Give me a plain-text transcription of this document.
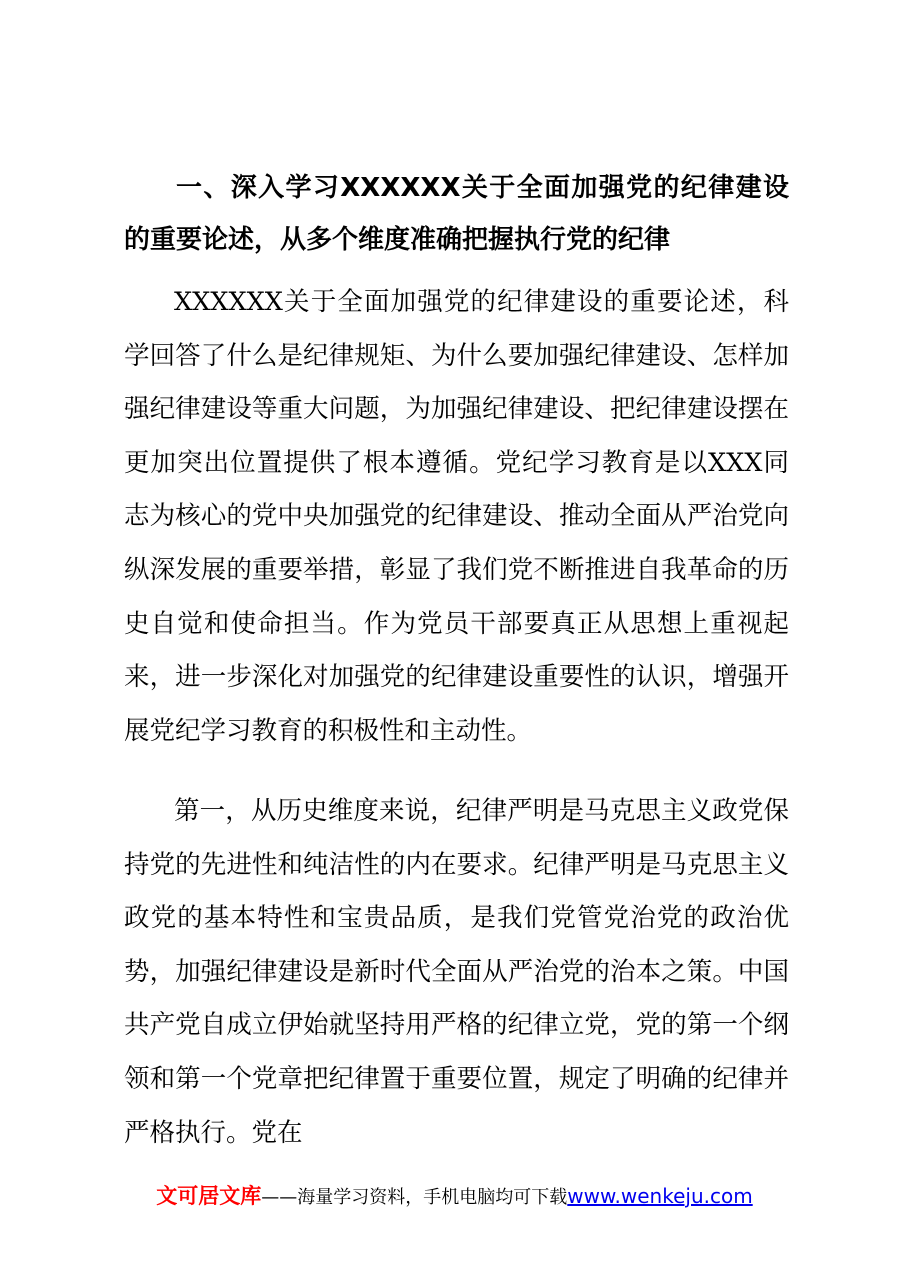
一、深入学习XXXXXX关于全面加强党的纪律建设的重要论述，从多个维度准确把握执行党的纪律

XXXXXX关于全面加强党的纪律建设的重要论述，科学回答了什么是纪律规矩、为什么要加强纪律建设、怎样加强纪律建设等重大问题，为加强纪律建设、把纪律建设摆在更加突出位置提供了根本遵循。党纪学习教育是以XXX同志为核心的党中央加强党的纪律建设、推动全面从严治党向纵深发展的重要举措，彰显了我们党不断推进自我革命的历史自觉和使命担当。作为党员干部要真正从思想上重视起来，进一步深化对加强党的纪律建设重要性的认识，增强开展党纪学习教育的积极性和主动性。

第一，从历史维度来说，纪律严明是马克思主义政党保持党的先进性和纯洁性的内在要求。纪律严明是马克思主义政党的基本特性和宝贵品质，是我们党管党治党的政治优势，加强纪律建设是新时代全面从严治党的治本之策。中国共产党自成立伊始就坚持用严格的纪律立党，党的第一个纲领和第一个党章把纪律置于重要位置，规定了明确的纪律并严格执行。党在

文可居文库——海量学习资料，手机电脑均可下载www.wenkeju.com
